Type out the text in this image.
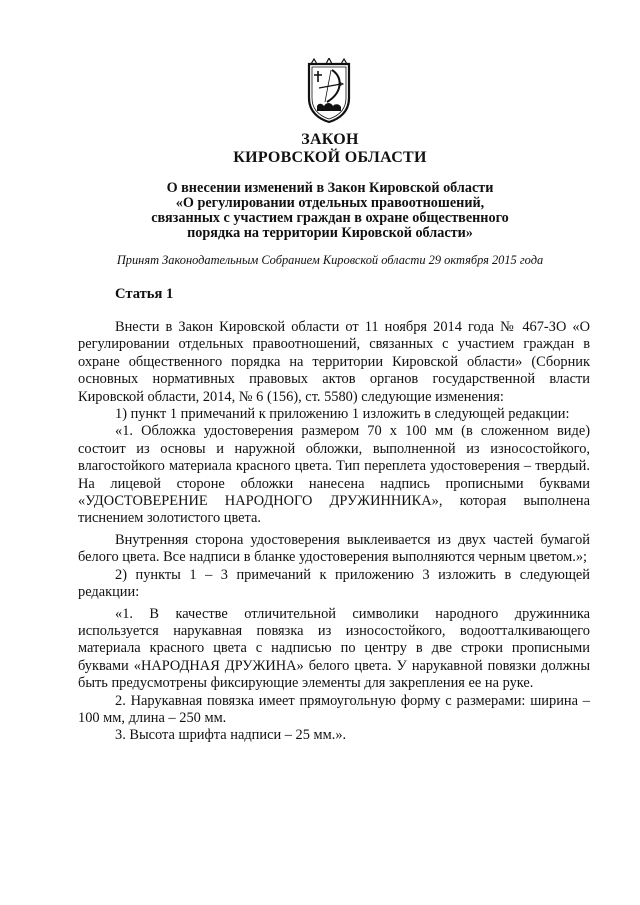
ЗАКОН
КИРОВСКОЙ ОБЛАСТИ
О внесении изменений в Закон Кировской области
«О регулировании отдельных правоотношений,
связанных с участием граждан в охране общественного
порядка на территории Кировской области»
Принят Законодательным Собранием Кировской области 29 октября 2015 года
Статья 1

Внести в Закон Кировской области от 11 ноября 2014 года № 467-ЗО «О регулировании отдельных правоотношений, связанных с участием граждан в охране общественного порядка на территории Кировской области» (Сборник основных нормативных правовых актов органов государственной власти Кировской области, 2014, № 6 (156), ст. 5580) следующие изменения:

1) пункт 1 примечаний к приложению 1 изложить в следующей редакции:

«1. Обложка удостоверения размером 70 х 100 мм (в сложенном виде) состоит из основы и наружной обложки, выполненной из износостойкого, влагостойкого материала красного цвета. Тип переплета удостоверения – твердый. На лицевой стороне обложки нанесена надпись прописными буквами «УДОСТОВЕРЕНИЕ НАРОДНОГО ДРУЖИННИКА», которая выполнена тиснением золотистого цвета.

Внутренняя сторона удостоверения выклеивается из двух частей бумагой белого цвета. Все надписи в бланке удостоверения выполняются черным цветом.»;

2) пункты 1 – 3 примечаний к приложению 3 изложить в следующей редакции:

«1. В качестве отличительной символики народного дружинника используется нарукавная повязка из износостойкого, водоотталкивающего материала красного цвета с надписью по центру в две строки прописными буквами «НАРОДНАЯ ДРУЖИНА» белого цвета. У нарукавной повязки должны быть предусмотрены фиксирующие элементы для закрепления ее на руке.

2. Нарукавная повязка имеет прямоугольную форму с размерами: ширина – 100 мм, длина – 250 мм.

3. Высота шрифта надписи – 25 мм.».
